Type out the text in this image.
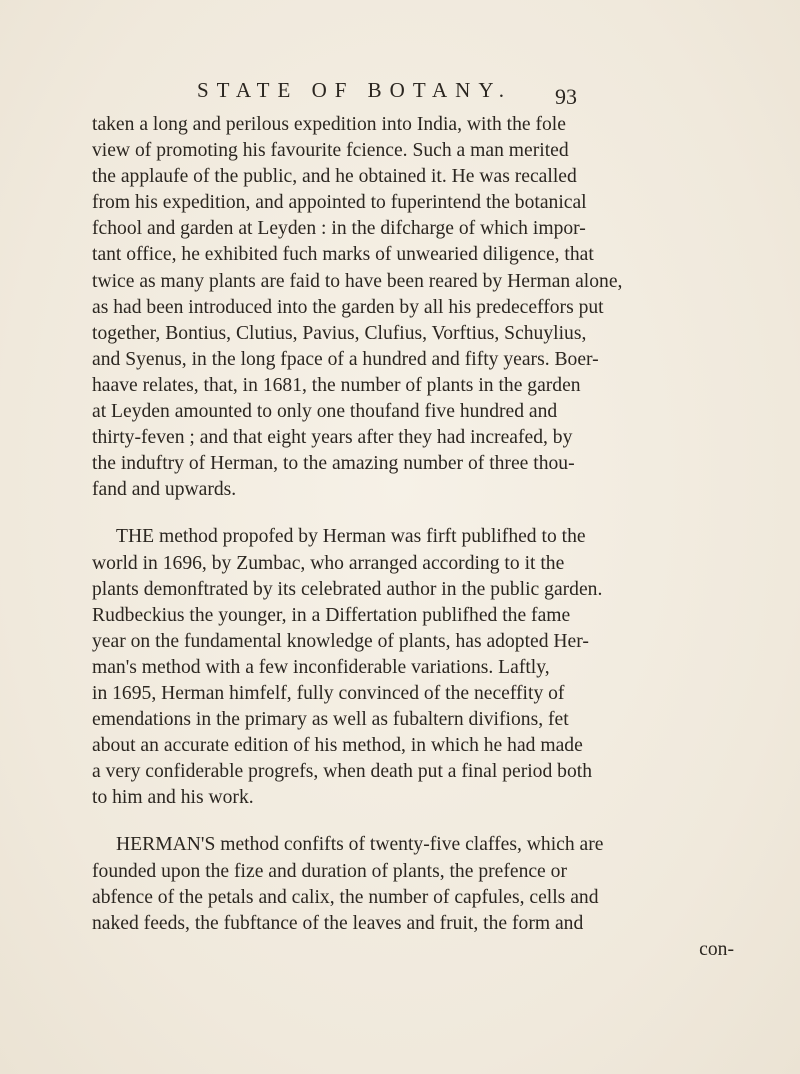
STATE OF BOTANY. 93

taken a long and perilous expedition into India, with the fole
view of promoting his favourite fcience. Such a man merited
the applaufe of the public, and he obtained it. He was recalled
from his expedition, and appointed to fuperintend the botanical
fchool and garden at Leyden : in the difcharge of which impor-
tant office, he exhibited fuch marks of unwearied diligence, that
twice as many plants are faid to have been reared by Herman alone,
as had been introduced into the garden by all his predeceffors put
together, Bontius, Clutius, Pavius, Clufius, Vorftius, Schuylius,
and Syenus, in the long fpace of a hundred and fifty years. Boer-
haave relates, that, in 1681, the number of plants in the garden
at Leyden amounted to only one thoufand five hundred and
thirty-feven ; and that eight years after they had increafed, by
the induftry of Herman, to the amazing number of three thou-
fand and upwards.

THE method propofed by Herman was firft publifhed to the
world in 1696, by Zumbac, who arranged according to it the
plants demonftrated by its celebrated author in the public garden.
Rudbeckius the younger, in a Differtation publifhed the fame
year on the fundamental knowledge of plants, has adopted Her-
man's method with a few inconfiderable variations. Laftly,
in 1695, Herman himfelf, fully convinced of the neceffity of
emendations in the primary as well as fubaltern divifions, fet
about an accurate edition of his method, in which he had made
a very confiderable progrefs, when death put a final period both
to him and his work.

HERMAN'S method confifts of twenty-five claffes, which are
founded upon the fize and duration of plants, the prefence or
abfence of the petals and calix, the number of capfules, cells and
naked feeds, the fubftance of the leaves and fruit, the form and

con-
